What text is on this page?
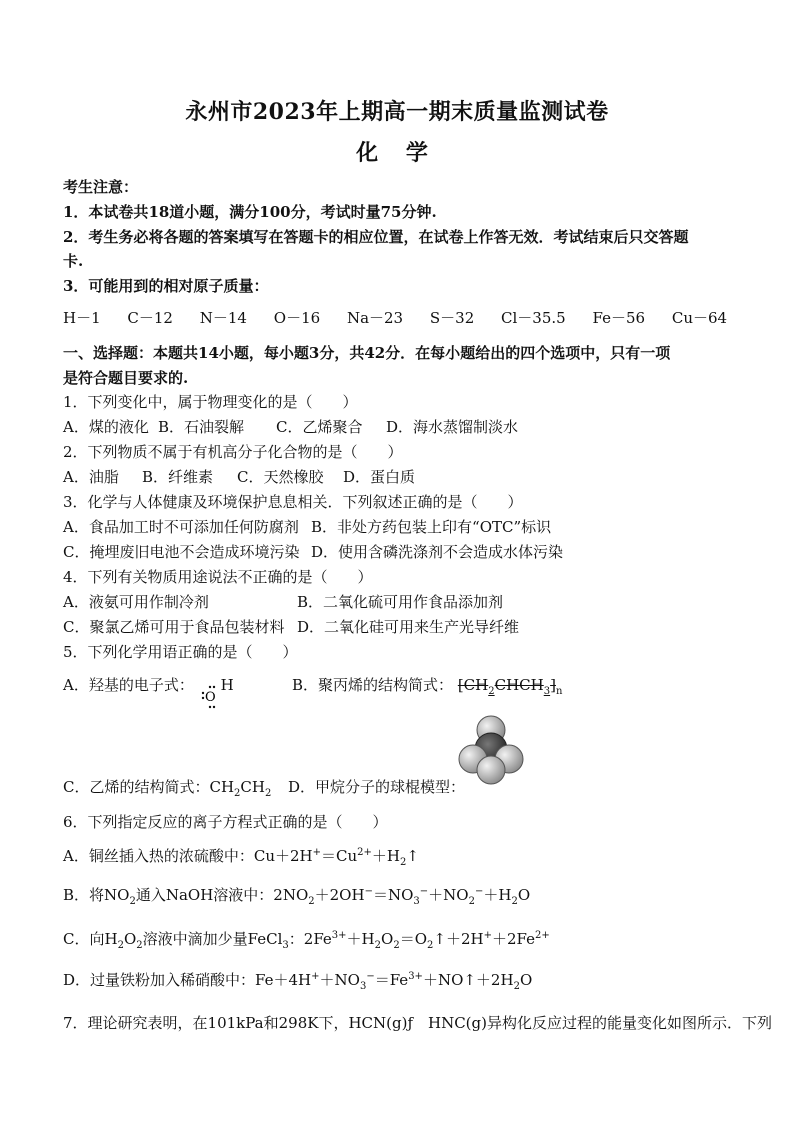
永州市2023年上期高一期末质量监测试卷
化 学
考生注意：
1．本试卷共18道小题，满分100分，考试时量75分钟.
2．考生务必将各题的答案填写在答题卡的相应位置，在试卷上作答无效．考试结束后只交答题
卡.
3．可能用到的相对原子质量：
H－1 C－12 N－14 O－16 Na－23 S－32 Cl－35.5 Fe－56 Cu－64
一、选择题：本题共14小题，每小题3分，共42分．在每小题给出的四个选项中，只有一项
是符合题目要求的.
1．下列变化中，属于物理变化的是（　　）
A．煤的液化 B．石油裂解 C．乙烯聚合 D．海水蒸馏制淡水
2．下列物质不属于有机高分子化合物的是（　　）
A．油脂 B．纤维素 C．天然橡胶 D．蛋白质
3．化学与人体健康及环境保护息息相关．下列叙述正确的是（　　）
A．食品加工时不可添加任何防腐剂 B．非处方药包装上印有“OTC”标识
C．掩埋废旧电池不会造成环境污染 D．使用含磷洗涤剂不会造成水体污染
4．下列有关物质用途说法不正确的是（　　）
A．液氨可用作制冷剂	B．二氧化硫可用作食品添加剂
C．聚氯乙烯可用于食品包装材料 D．二氧化硅可用来生产光导纤维
5．下列化学用语正确的是（　　）
A．羟基的电子式：
O
H	B．聚丙烯的结构简式： $[CH_2CHCH_3]_n$
C．乙烯的结构简式：$CH_2CH_2$ D．甲烷分子的球棍模型：
6．下列指定反应的离子方程式正确的是（　　）
A．铜丝插入热的浓硫酸中：$Cu+2H^+=Cu^{2+}+H_2↑$
B．将$NO_2$通入NaOH溶液中：$2NO_2+2OH^-=NO_3^-+NO_2^-+H_2O$
C．向$H_2O_2$溶液中滴加少量FeCl$_3$：$2Fe^{3+}+H_2O_2=O_2↑+2H^++2Fe^{2+}$
D．过量铁粉加入稀硝酸中：$Fe+4H^++NO_3^-=Fe^{3+}+NO↑+2H_2O$
7．理论研究表明，在101kPa和298K下，HCN(g)ƒ　HNC(g)异构化反应过程的能量变化如图所示．下列
